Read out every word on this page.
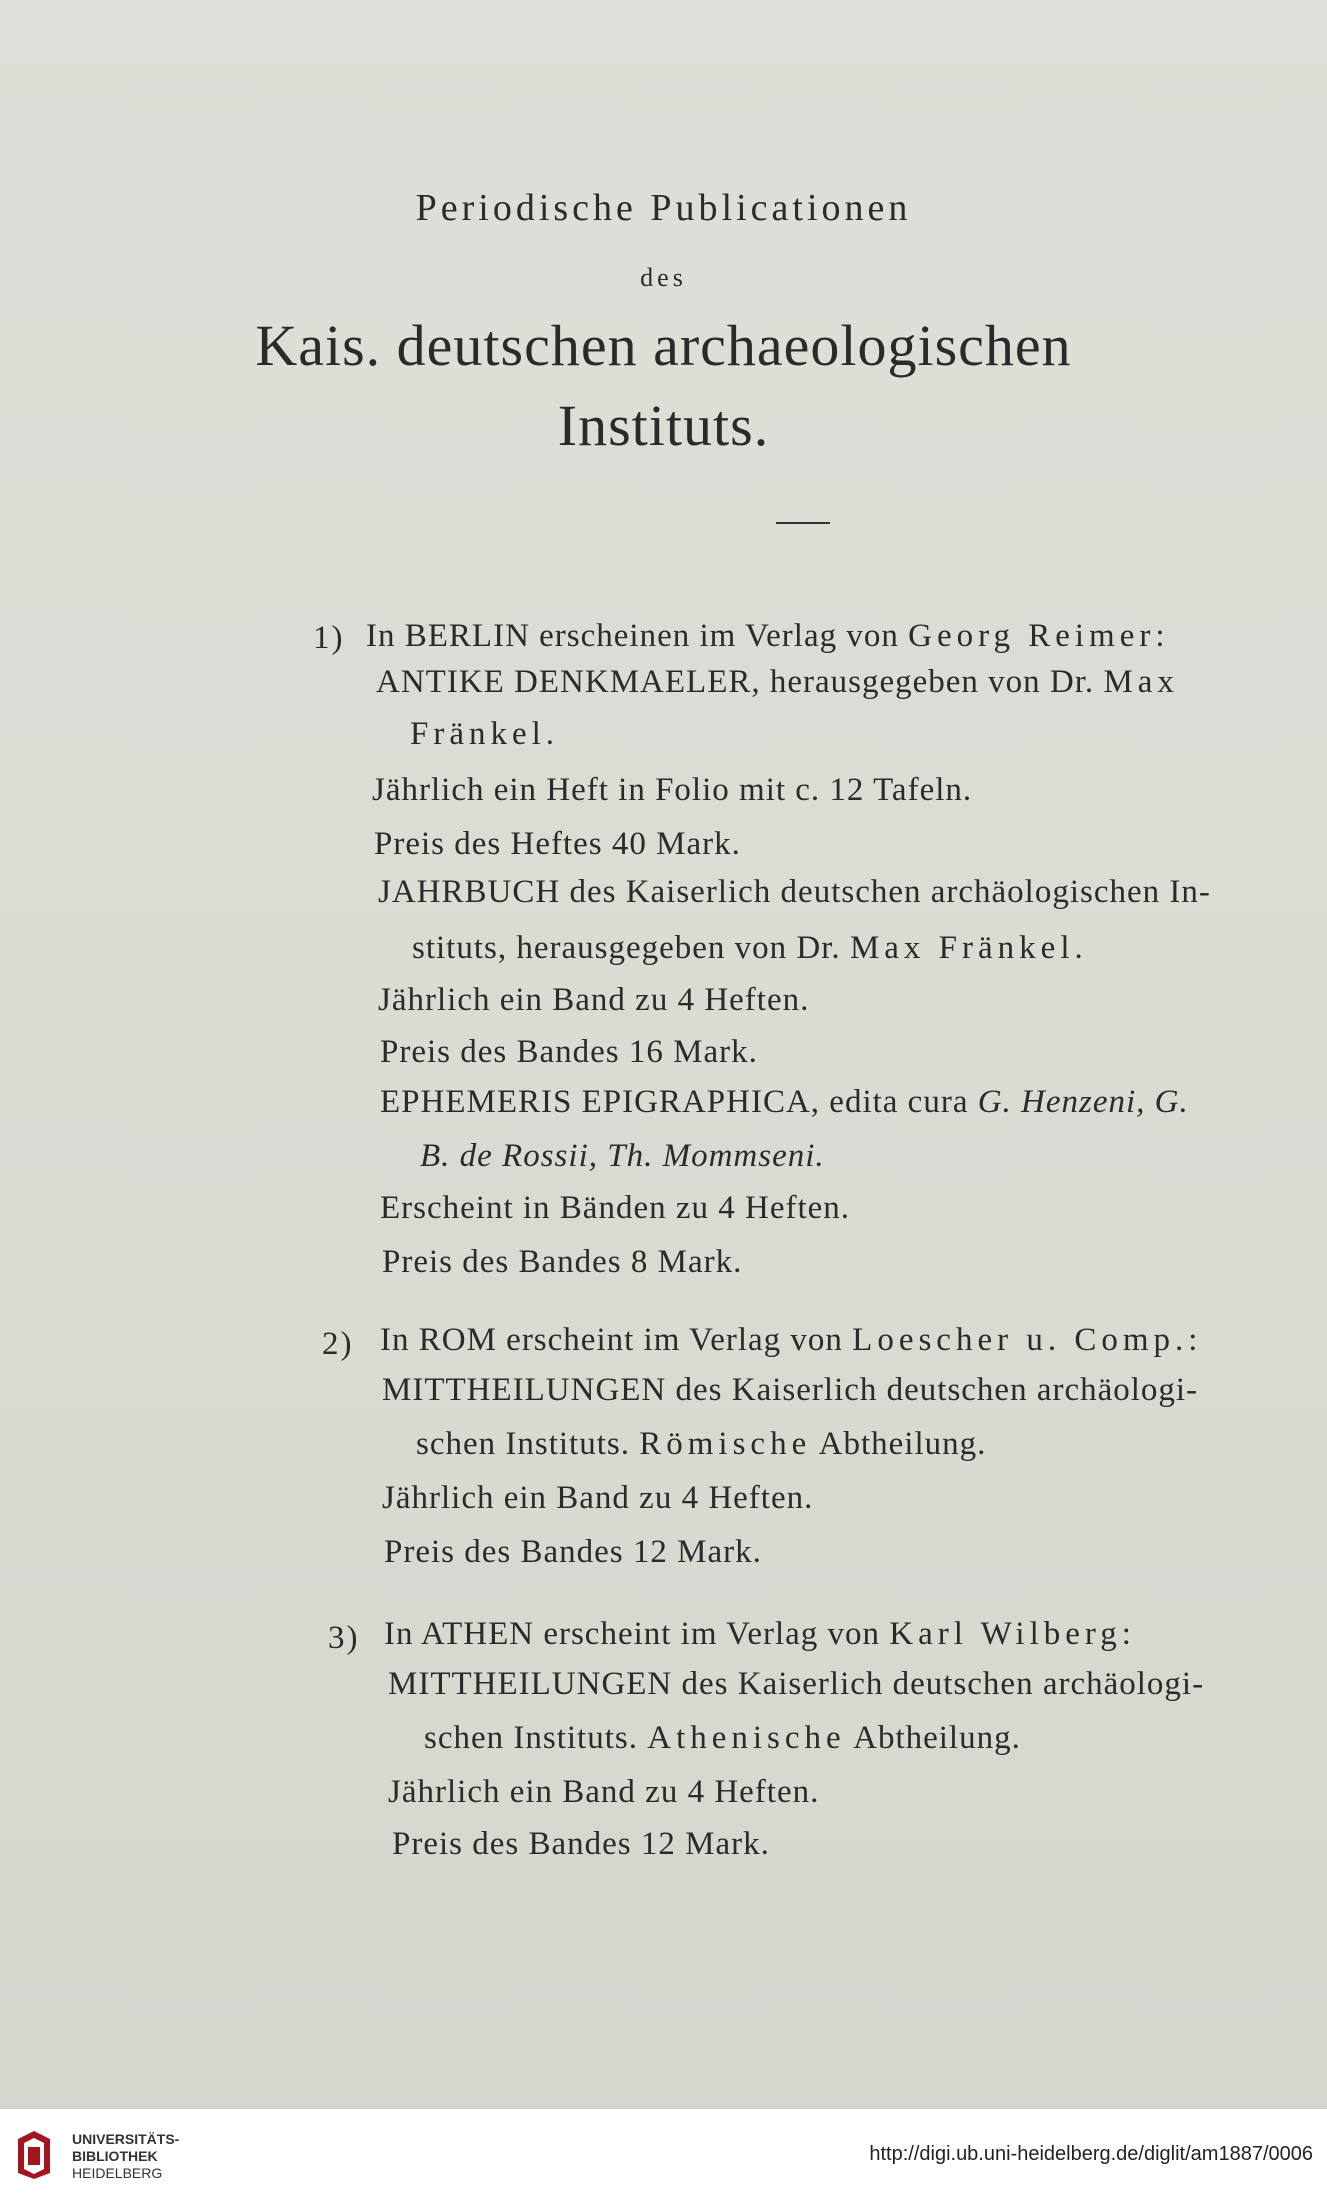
Periodische Publicationen
des
Kais. deutschen archaeologischen
Instituts.
1) In BERLIN erscheinen im Verlag von Georg Reimer:
ANTIKE DENKMAELER, herausgegeben von Dr. Max
Fränkel.
Jährlich ein Heft in Folio mit c. 12 Tafeln.
Preis des Heftes 40 Mark.
JAHRBUCH des Kaiserlich deutschen archäologischen In-
stituts, herausgegeben von Dr. Max Fränkel.
Jährlich ein Band zu 4 Heften.
Preis des Bandes 16 Mark.
EPHEMERIS EPIGRAPHICA, edita cura G. Henzeni, G.
B. de Rossii, Th. Mommseni.
Erscheint in Bänden zu 4 Heften.
Preis des Bandes 8 Mark.
2) In ROM erscheint im Verlag von Loescher u. Comp.:
MITTHEILUNGEN des Kaiserlich deutschen archäologi-
schen Instituts. Römische Abtheilung.
Jährlich ein Band zu 4 Heften.
Preis des Bandes 12 Mark.
3) In ATHEN erscheint im Verlag von Karl Wilberg:
MITTHEILUNGEN des Kaiserlich deutschen archäologi-
schen Instituts. Athenische Abtheilung.
Jährlich ein Band zu 4 Heften.
Preis des Bandes 12 Mark.
UNIVERSITÄTS-
BIBLIOTHEK
HEIDELBERG
http://digi.ub.uni-heidelberg.de/diglit/am1887/0006
